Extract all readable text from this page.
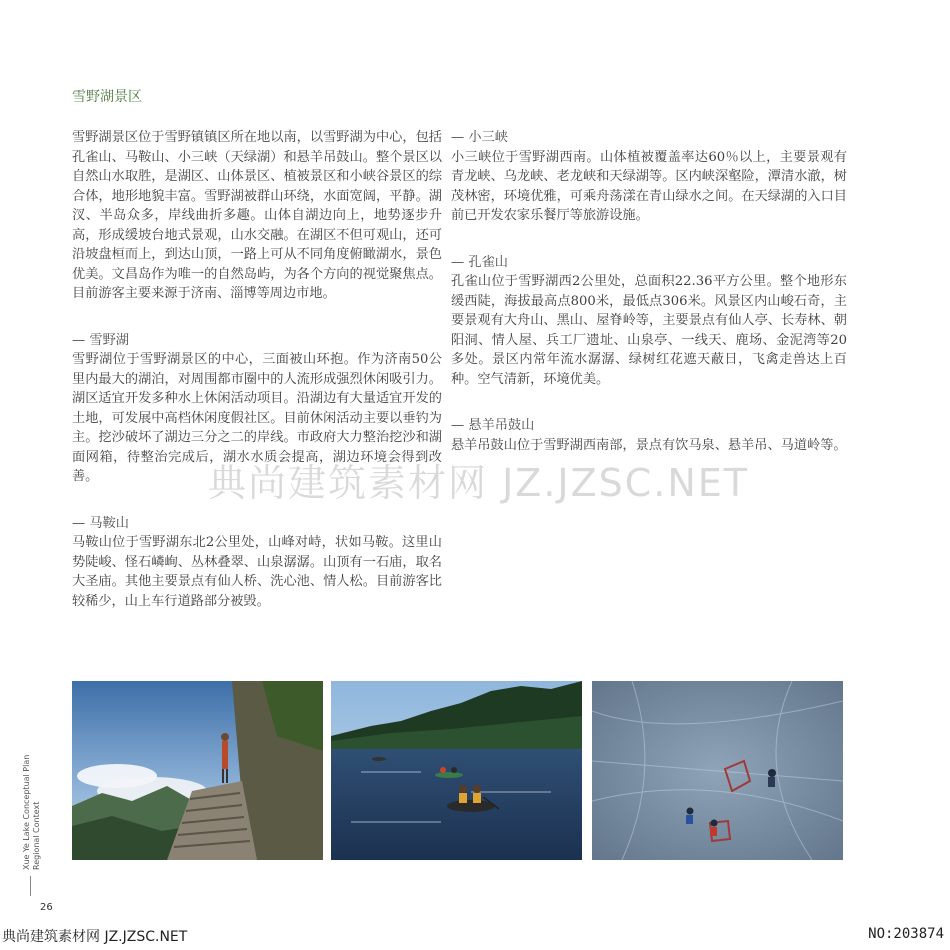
雪野湖景区

雪野湖景区位于雪野镇镇区所在地以南，以雪野湖为中心，包括孔雀山、马鞍山、小三峡（天绿湖）和悬羊吊鼓山。整个景区以自然山水取胜，是湖区、山体景区、植被景区和小峡谷景区的综合体，地形地貌丰富。雪野湖被群山环绕，水面宽阔，平静。湖汊、半岛众多，岸线曲折多趣。山体自湖边向上，地势逐步升高，形成缓坡台地式景观，山水交融。在湖区不但可观山，还可沿坡盘桓而上，到达山顶，一路上可从不同角度俯瞰湖水，景色优美。文昌岛作为唯一的自然岛屿，为各个方向的视觉聚焦点。目前游客主要来源于济南、淄博等周边市地。

— 雪野湖

雪野湖位于雪野湖景区的中心，三面被山环抱。作为济南50公里内最大的湖泊，对周围都市圈中的人流形成强烈休闲吸引力。湖区适宜开发多种水上休闲活动项目。沿湖边有大量适宜开发的土地，可发展中高档休闲度假社区。目前休闲活动主要以垂钓为主。挖沙破坏了湖边三分之二的岸线。市政府大力整治挖沙和湖面网箱，待整治完成后，湖水水质会提高，湖边环境会得到改善。

— 马鞍山

马鞍山位于雪野湖东北2公里处，山峰对峙，状如马鞍。这里山势陡峻、怪石嶙峋、丛林叠翠、山泉潺潺。山顶有一石庙，取名大圣庙。其他主要景点有仙人桥、洗心池、情人松。目前游客比较稀少，山上车行道路部分被毁。

— 小三峡

小三峡位于雪野湖西南。山体植被覆盖率达60％以上，主要景观有青龙峡、乌龙峡、老龙峡和天绿湖等。区内峡深壑险，潭清水澈，树茂林密，环境优雅，可乘舟荡漾在青山绿水之间。在天绿湖的入口目前已开发农家乐餐厅等旅游设施。

— 孔雀山

孔雀山位于雪野湖西2公里处，总面积22.36平方公里。整个地形东缓西陡，海拔最高点800米，最低点306米。风景区内山峻石奇，主要景观有大舟山、黑山、屋脊岭等，主要景点有仙人亭、长寿林、朝阳洞、情人屋、兵工厂遗址、山泉亭、一线天、鹿场、金泥湾等20多处。景区内常年流水潺潺、绿树红花遮天蔽日，飞禽走兽达上百种。空气清新，环境优美。

— 悬羊吊鼓山

悬羊吊鼓山位于雪野湖西南部，景点有饮马泉、悬羊吊、马道岭等。

Xue Ye Lake Conceptual Plan Regional Context
26
典尚建筑素材网 JZ.JZSC.NET
典尚建筑素材网 JZ.JZSC.NET	NO:203874
